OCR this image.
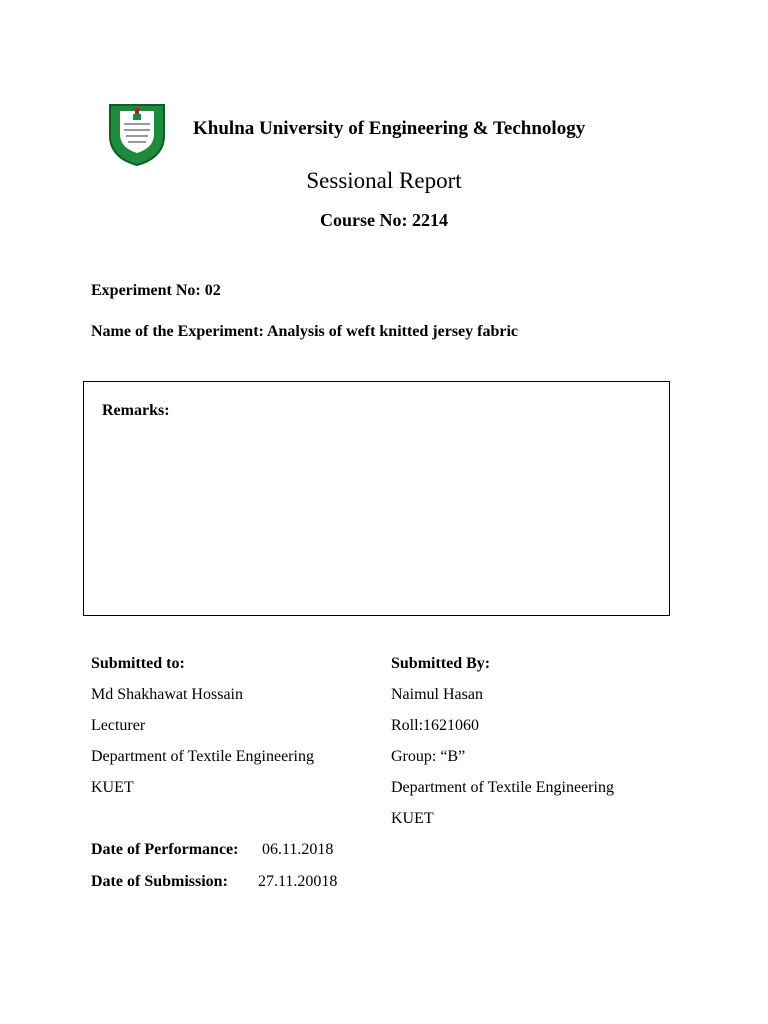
Khulna University of Engineering & Technology
Sessional Report
Course No: 2214
Experiment No: 02
Name of the Experiment: Analysis of weft knitted jersey fabric
Remarks:
Submitted to:
Md Shakhawat Hossain
Lecturer
Department of Textile Engineering
KUET
Submitted By:
Naimul Hasan
Roll:1621060
Group: “B”
Department of Textile Engineering
KUET
Date of Performance: 06.11.2018
Date of Submission: 27.11.20018
